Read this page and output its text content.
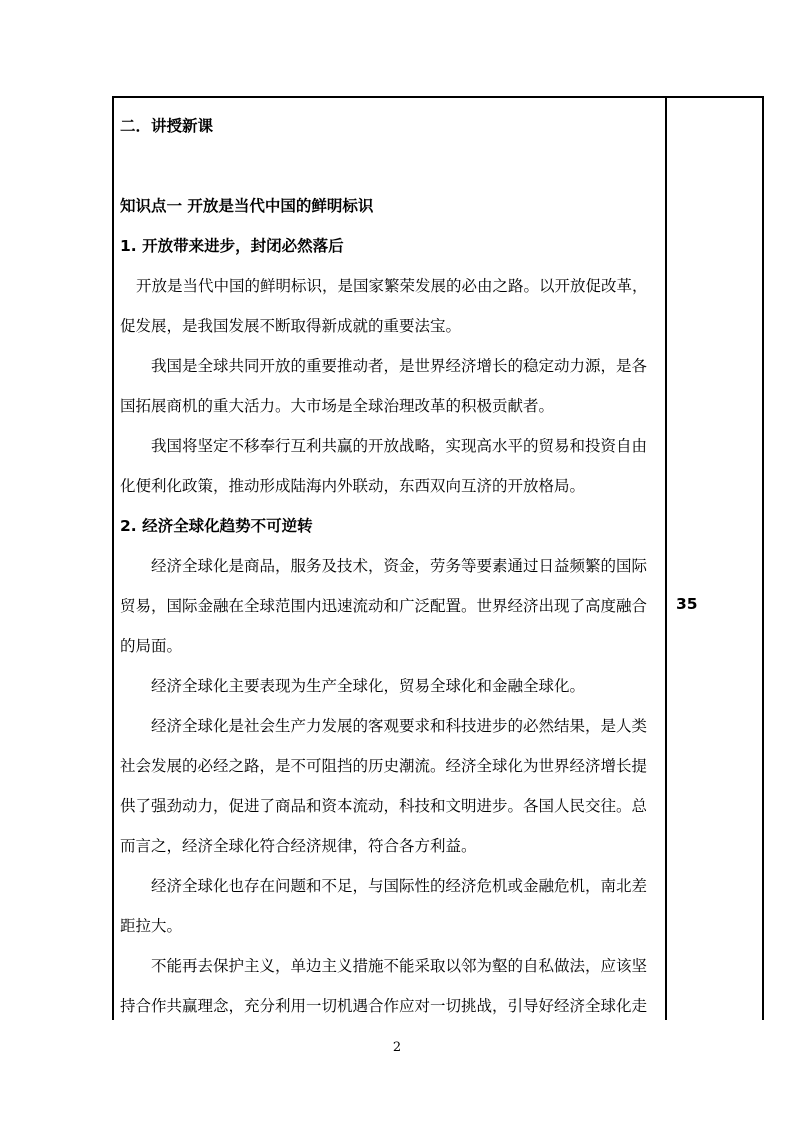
二．讲授新课
知识点一 开放是当代中国的鲜明标识
1. 开放带来进步，封闭必然落后
开放是当代中国的鲜明标识，是国家繁荣发展的必由之路。以开放促改革，
促发展，是我国发展不断取得新成就的重要法宝。
我国是全球共同开放的重要推动者，是世界经济增长的稳定动力源，是各
国拓展商机的重大活力。大市场是全球治理改革的积极贡献者。
我国将坚定不移奉行互利共赢的开放战略，实现高水平的贸易和投资自由
化便利化政策，推动形成陆海内外联动，东西双向互济的开放格局。
2. 经济全球化趋势不可逆转
经济全球化是商品，服务及技术，资金，劳务等要素通过日益频繁的国际
贸易，国际金融在全球范围内迅速流动和广泛配置。世界经济出现了高度融合
的局面。
经济全球化主要表现为生产全球化，贸易全球化和金融全球化。
经济全球化是社会生产力发展的客观要求和科技进步的必然结果，是人类
社会发展的必经之路，是不可阻挡的历史潮流。经济全球化为世界经济增长提
供了强劲动力，促进了商品和资本流动，科技和文明进步。各国人民交往。总
而言之，经济全球化符合经济规律，符合各方利益。
经济全球化也存在问题和不足，与国际性的经济危机或金融危机，南北差
距拉大。
不能再去保护主义，单边主义措施不能采取以邻为壑的自私做法，应该坚
持合作共赢理念，充分利用一切机遇合作应对一切挑战，引导好经济全球化走
35
2
